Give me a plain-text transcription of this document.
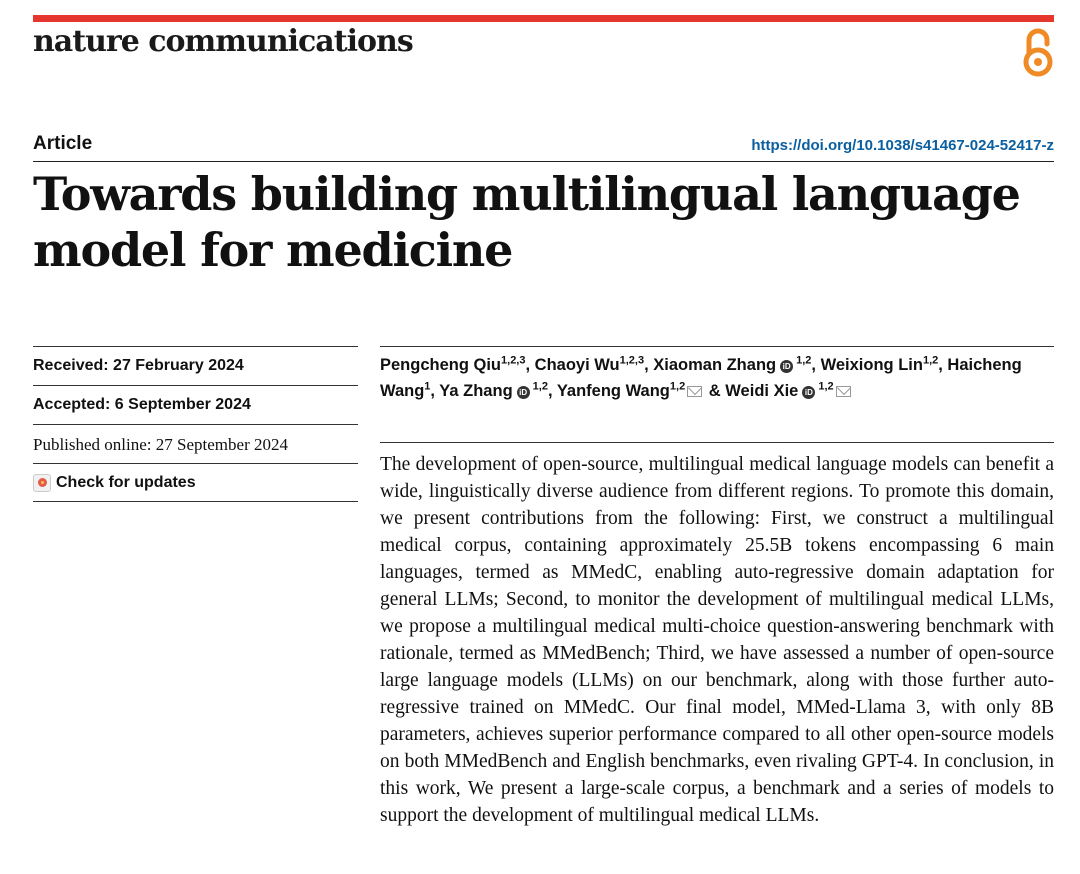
nature communications
Article	https://doi.org/10.1038/s41467-024-52417-z
Towards building multilingual language model for medicine
Received: 27 February 2024
Accepted: 6 September 2024
Published online: 27 September 2024
Check for updates
Pengcheng Qiu$^{1,2,3}$, Chaoyi Wu$^{1,2,3}$, Xiaoman Zhang iD $^{1,2}$, Weixiong Lin$^{1,2}$, Haicheng Wang$^1$, Ya Zhang iD $^{1,2}$, Yanfeng Wang$^{1,2}$ & Weidi Xie iD $^{1,2}$

The development of open-source, multilingual medical language models can benefit a wide, linguistically diverse audience from different regions. To promote this domain, we present contributions from the following: First, we construct a multilingual medical corpus, containing approximately 25.5B tokens encompassing 6 main languages, termed as MMedC, enabling auto-regressive domain adaptation for general LLMs; Second, to monitor the development of multilingual medical LLMs, we propose a multilingual medical multi-choice question-answering benchmark with rationale, termed as MMedBench; Third, we have assessed a number of open-source large language models (LLMs) on our benchmark, along with those further auto-regressive trained on MMedC. Our final model, MMed-Llama 3, with only 8B parameters, achieves superior performance compared to all other open-source models on both MMedBench and English benchmarks, even rivaling GPT-4. In conclusion, in this work, We present a large-scale corpus, a benchmark and a series of models to support the development of multilingual medical LLMs.
